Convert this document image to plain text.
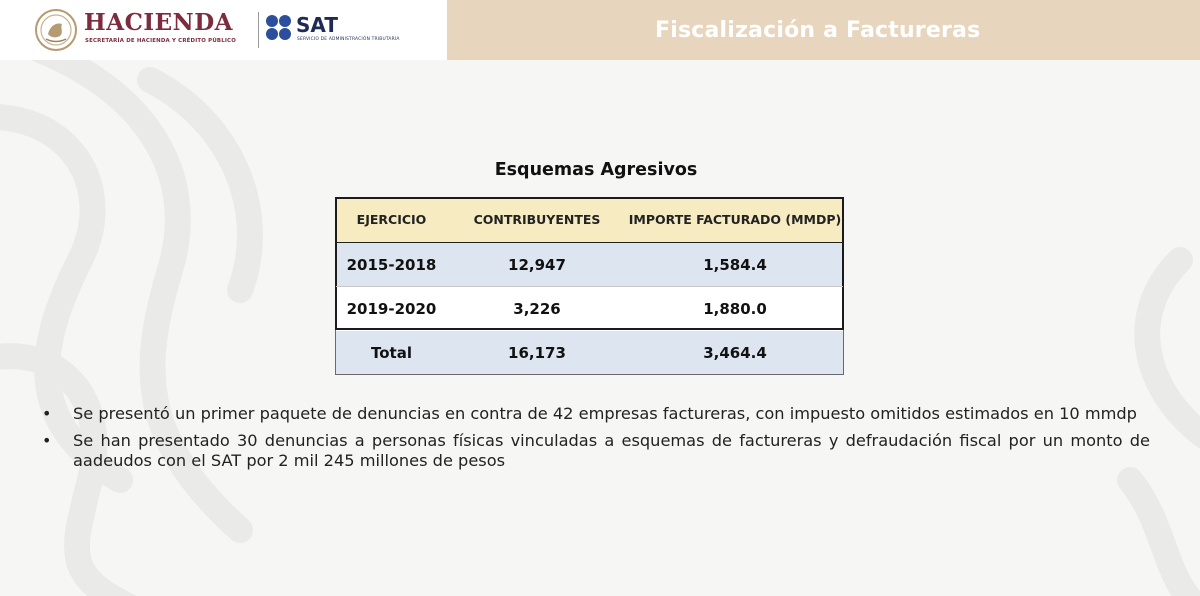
HACIENDA
SECRETARÍA DE HACIENDA Y CRÉDITO PÚBLICO
SAT
SERVICIO DE ADMINISTRACIÓN TRIBUTARIA	Fiscalización a Factureras
Esquemas Agresivos
EJERCICIO	CONTRIBUYENTES	IMPORTE FACTURADO (MMDP)
2015-2018	12,947	1,584.4
2019-2020	3,226	1,880.0
Total	16,173	3,464.4
•	Se presentó un primer paquete de denuncias en contra de 42 empresas factureras, con impuesto omitidos estimados en 10 mmdp
•	Se han presentado 30 denuncias a personas físicas vinculadas a esquemas de factureras y defraudación fiscal por un monto de aadeudos con el SAT por 2 mil 245 millones de pesos
